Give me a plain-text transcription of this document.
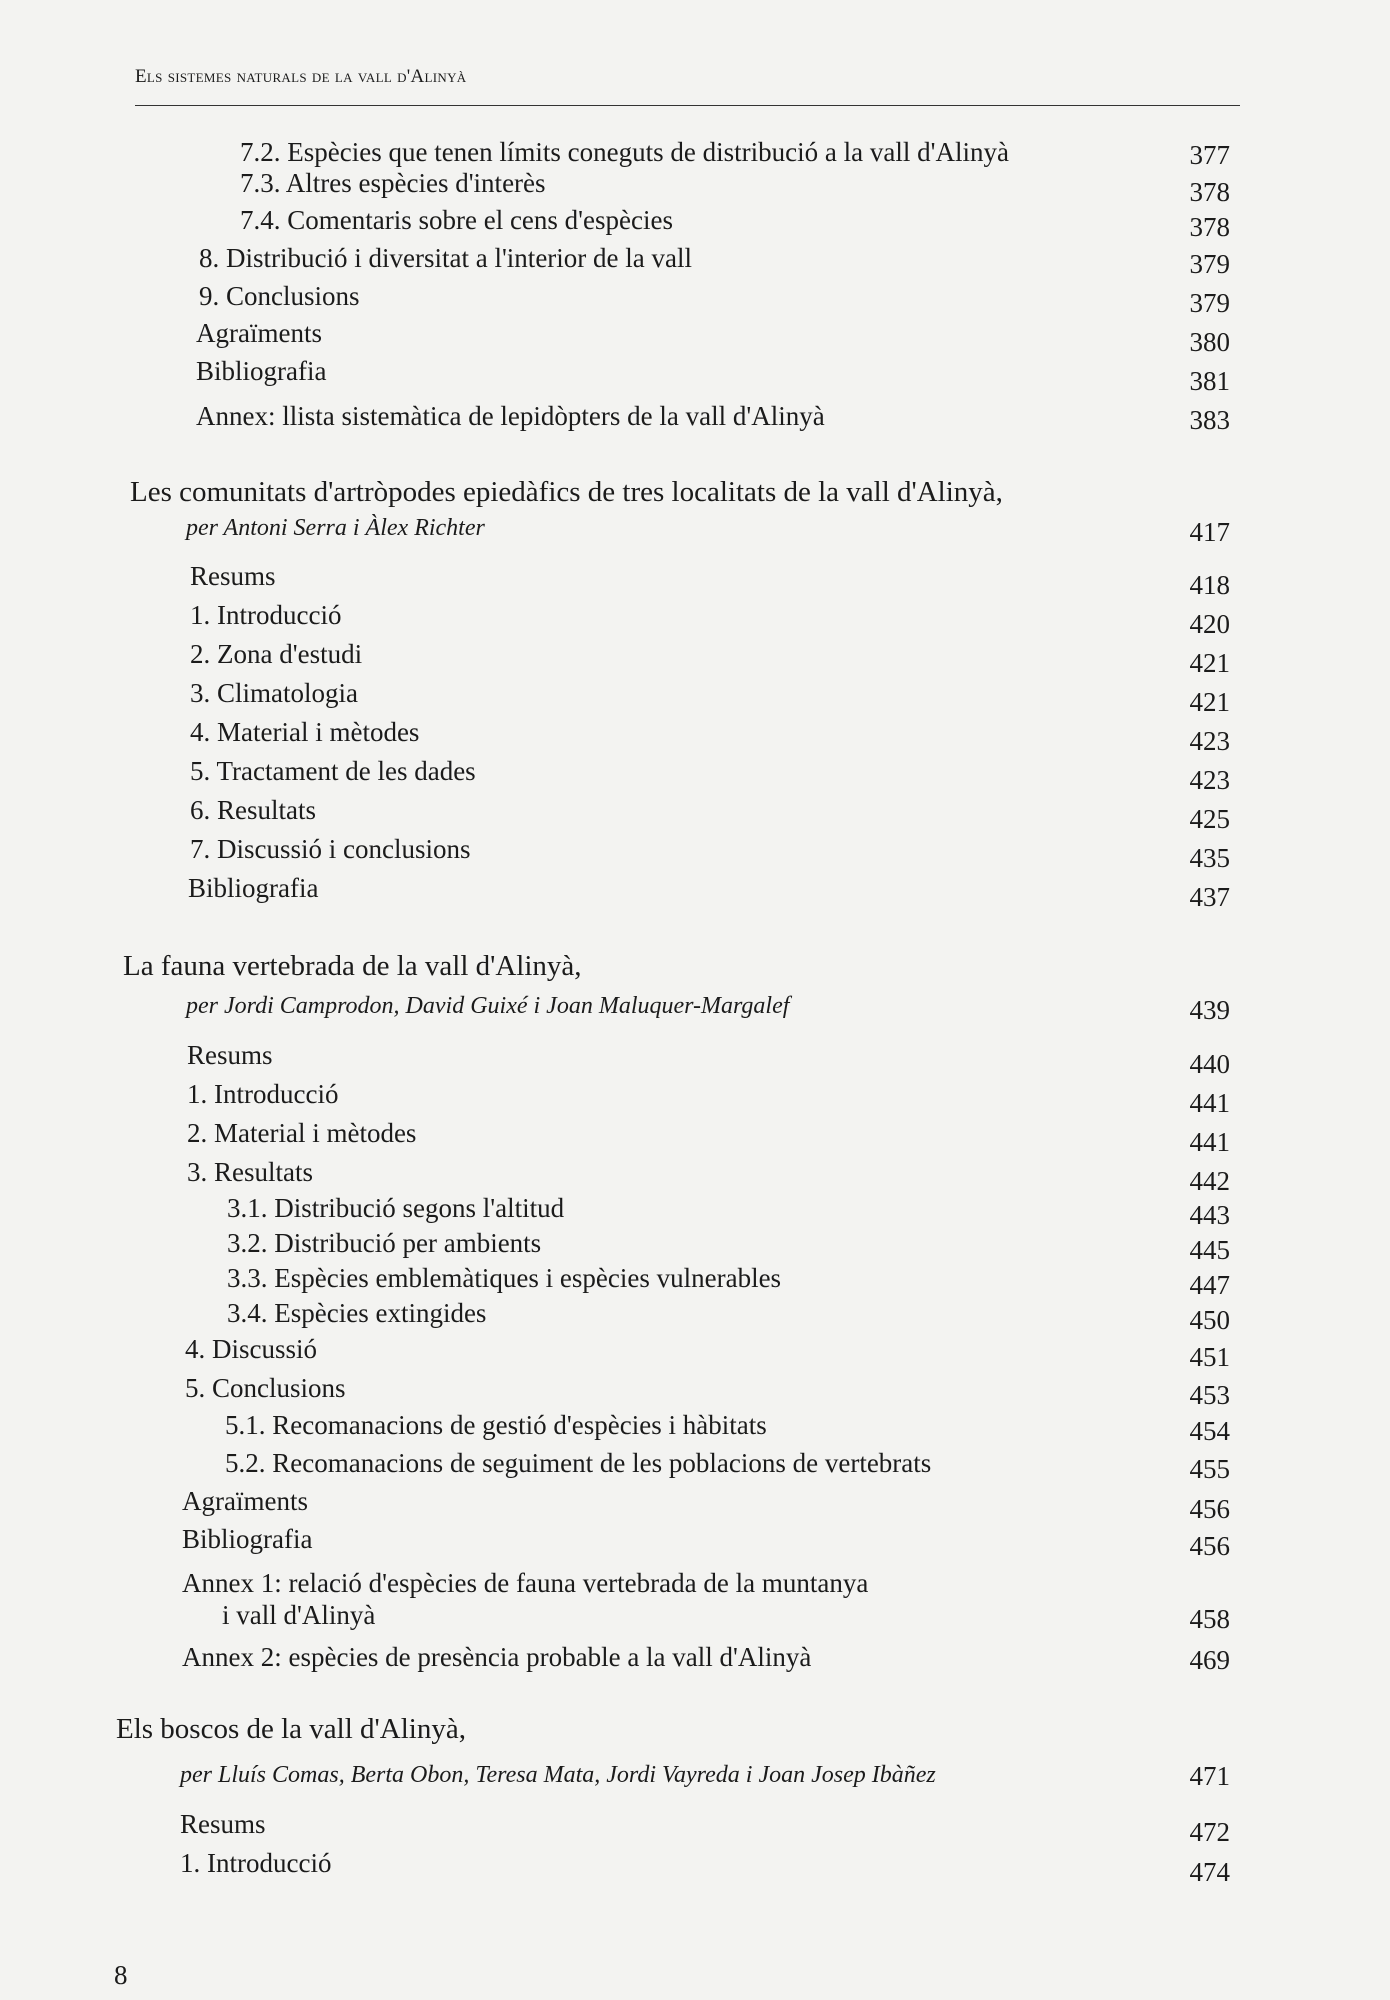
Els sistemes naturals de la vall d'Alinyà
7.2. Espècies que tenen límits coneguts de distribució a la vall d'Alinyà	377
7.3. Altres espècies d'interès	378
7.4. Comentaris sobre el cens d'espècies	378
8. Distribució i diversitat a l'interior de la vall	379
9. Conclusions	379
Agraïments	380
Bibliografia	381
Annex: llista sistemàtica de lepidòpters de la vall d'Alinyà	383
Les comunitats d'artròpodes epiedàfics de tres localitats de la vall d'Alinyà,
per Antoni Serra i Àlex Richter	417
Resums	418
1. Introducció	420
2. Zona d'estudi	421
3. Climatologia	421
4. Material i mètodes	423
5. Tractament de les dades	423
6. Resultats	425
7. Discussió i conclusions	435
Bibliografia	437
La fauna vertebrada de la vall d'Alinyà,
per Jordi Camprodon, David Guixé i Joan Maluquer-Margalef	439
Resums	440
1. Introducció	441
2. Material i mètodes	441
3. Resultats	442
3.1. Distribució segons l'altitud	443
3.2. Distribució per ambients	445
3.3. Espècies emblemàtiques i espècies vulnerables	447
3.4. Espècies extingides	450
4. Discussió	451
5. Conclusions	453
5.1. Recomanacions de gestió d'espècies i hàbitats	454
5.2. Recomanacions de seguiment de les poblacions de vertebrats	455
Agraïments	456
Bibliografia	456
Annex 1: relació d'espècies de fauna vertebrada de la muntanya
i vall d'Alinyà	458
Annex 2: espècies de presència probable a la vall d'Alinyà	469
Els boscos de la vall d'Alinyà,
per Lluís Comas, Berta Obon, Teresa Mata, Jordi Vayreda i Joan Josep Ibàñez	471
Resums	472
1. Introducció	474
8
